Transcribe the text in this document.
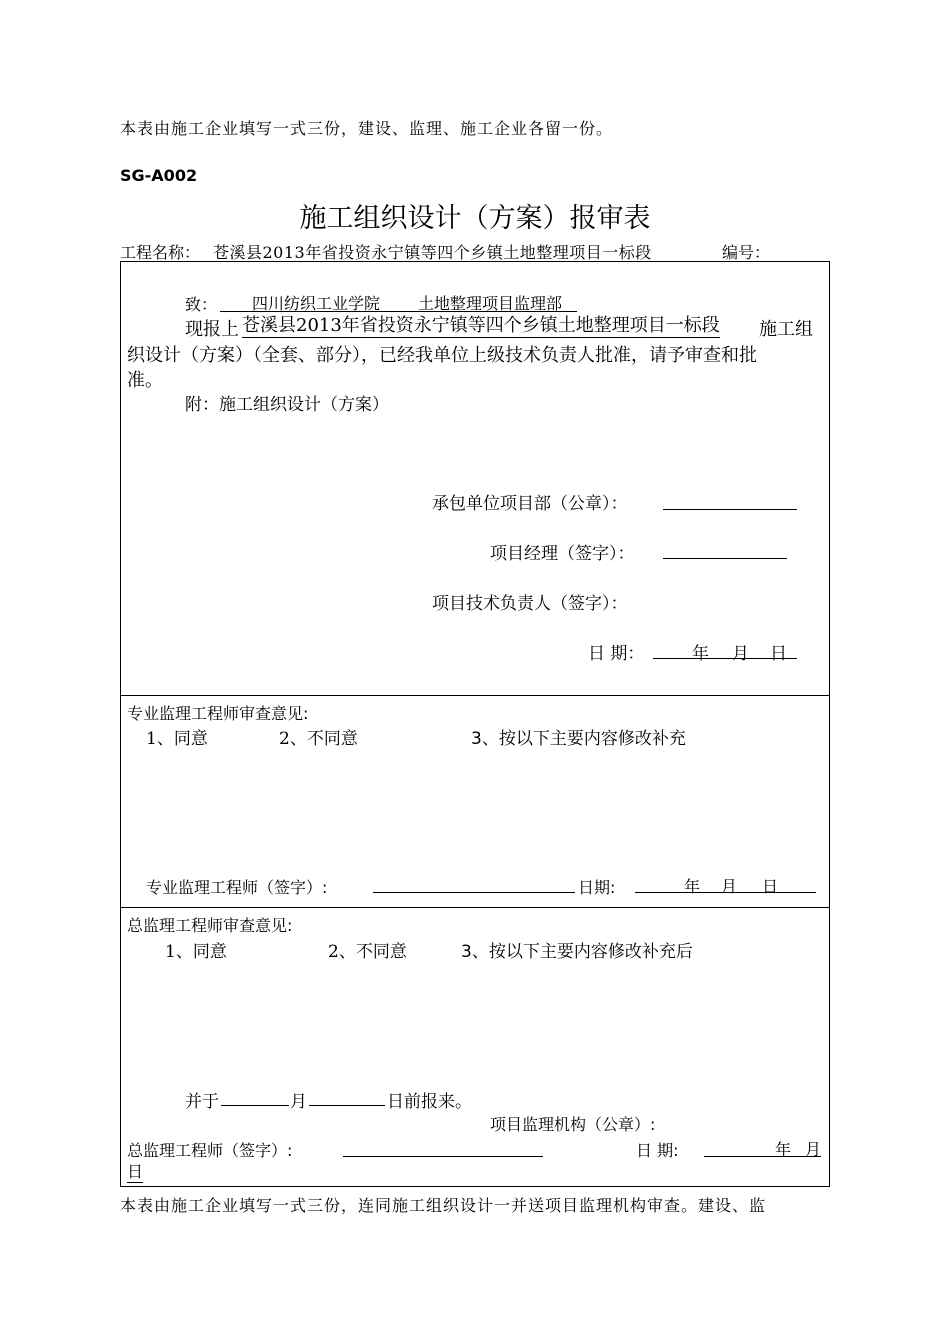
本表由施工企业填写一式三份，建设、监理、施工企业各留一份。
SG-A002
施工组织设计（方案）报审表
工程名称： 苍溪县2013年省投资永宁镇等四个乡镇土地整理项目一标段	编号：
致： 四川纺织工业学院 土地整理项目监理部
现报上 苍溪县2013年省投资永宁镇等四个乡镇土地整理项目一标段 施工组
织设计（方案）（全套、部分），已经我单位上级技术负责人批准，请予审查和批
准。
附：施工组织设计（方案）
承包单位项目部（公章）：
项目经理（签字）：
项目技术负责人（签字）：
日 期：	年 月 日
专业监理工程师审查意见:
1、同意	2、不同意	3、按以下主要内容修改补充
专业监理工程师（签字）:	日期:	年 月 日
总监理工程师审查意见:
1、同意	2、不同意	3、按以下主要内容修改补充后
并于	月	日前报来。
项目监理机构（公章）:
总监理工程师（签字）:	日 期:	年 月
日
本表由施工企业填写一式三份，连同施工组织设计一并送项目监理机构审查。建设、监
